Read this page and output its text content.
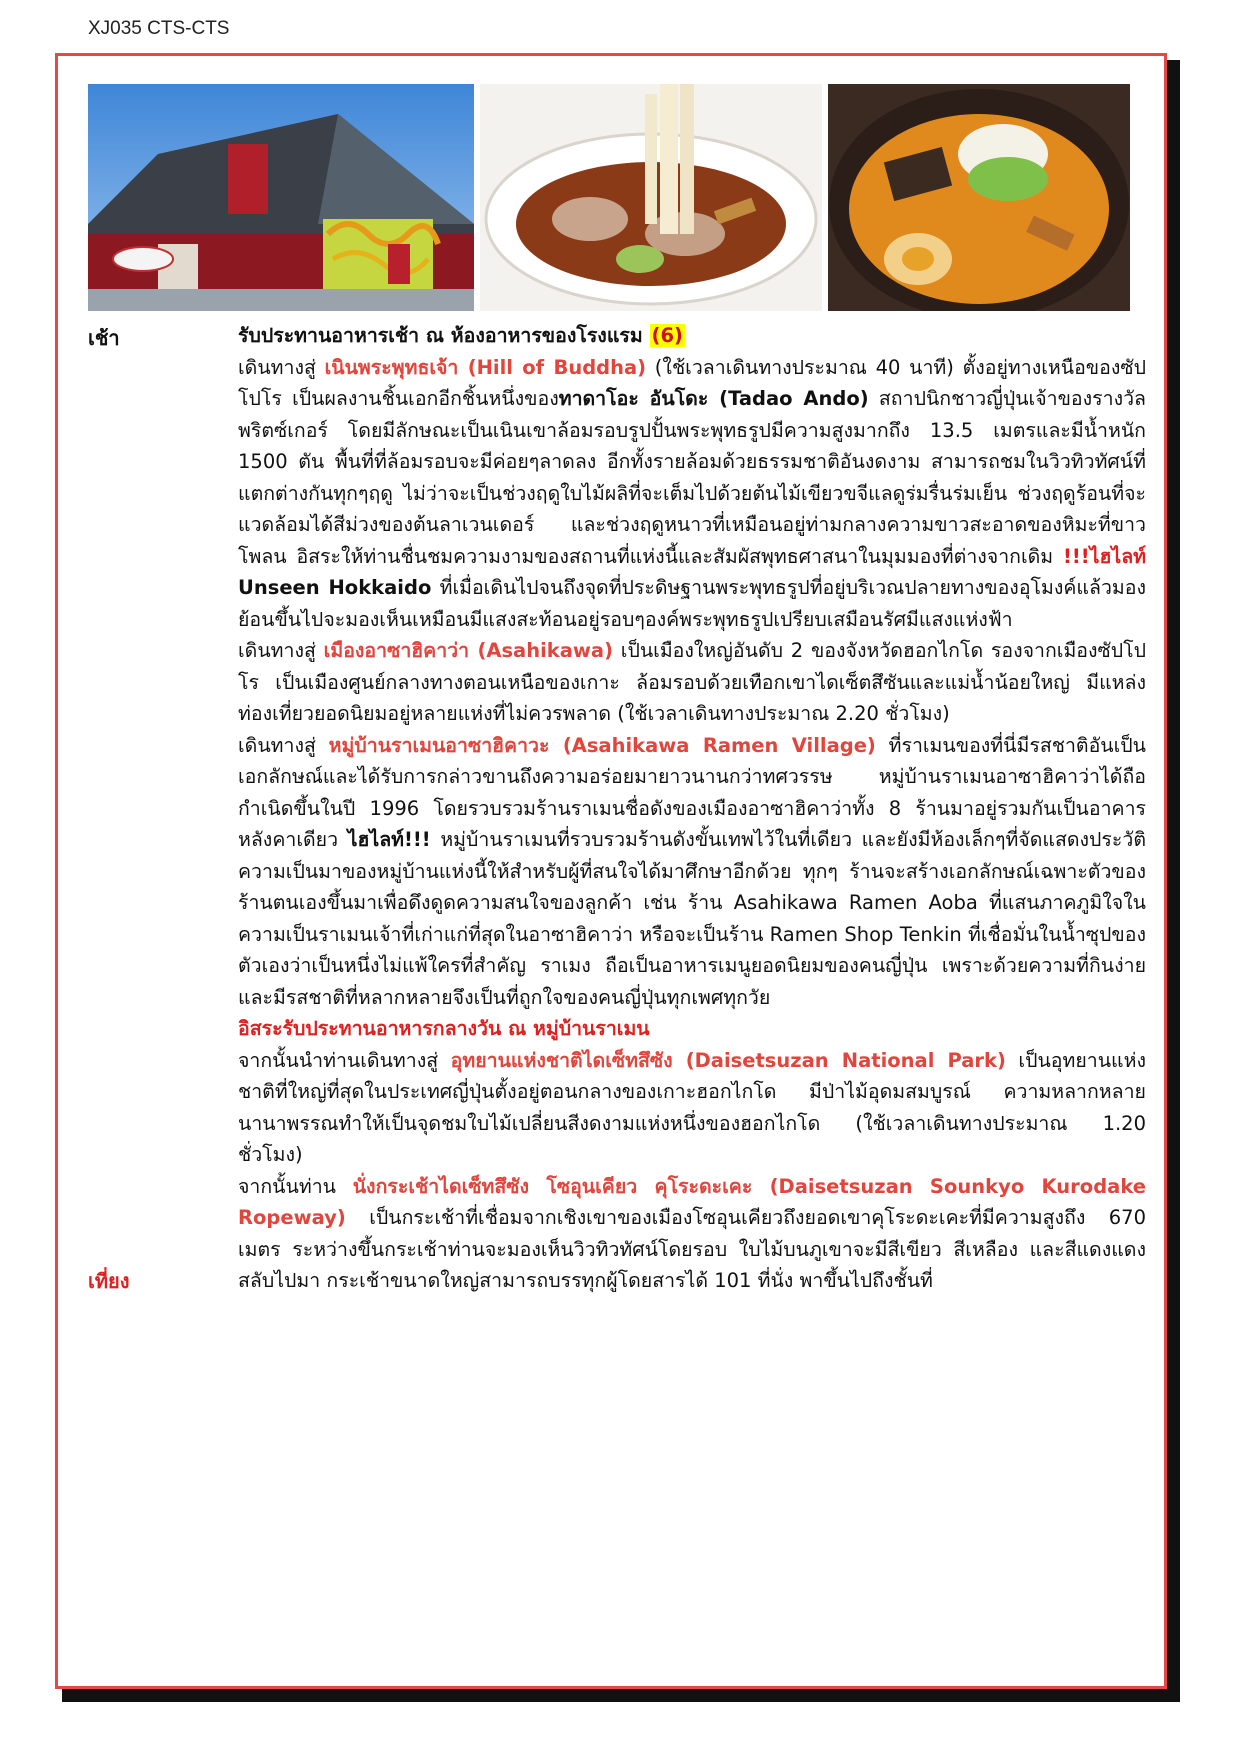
XJ035 CTS-CTS
เช้า	รับประทานอาหารเช้า ณ ห้องอาหารของโรงแรม (6)

เดินทางสู่ เนินพระพุทธเจ้า (Hill of Buddha) (ใช้เวลาเดินทางประมาณ 40 นาที) ตั้งอยู่ทางเหนือของซัปโปโร เป็นผลงานชิ้นเอกอีกชิ้นหนึ่งของทาดาโอะ อันโดะ (Tadao Ando) สถาปนิกชาวญี่ปุ่นเจ้าของรางวัลพริตซ์เกอร์ โดยมีลักษณะเป็นเนินเขาล้อมรอบรูปปั้นพระพุทธรูปมีความสูงมากถึง 13.5 เมตรและมีน้ำหนัก 1500 ตัน พื้นที่ที่ล้อมรอบจะมีค่อยๆลาดลง อีกทั้งรายล้อมด้วยธรรมชาติอันงดงาม สามารถชมในวิวทิวทัศน์ที่แตกต่างกันทุกๆฤดู ไม่ว่าจะเป็นช่วงฤดูใบไม้ผลิที่จะเต็มไปด้วยต้นไม้เขียวขจีแลดูร่มรื่นร่มเย็น ช่วงฤดูร้อนที่จะแวดล้อมได้สีม่วงของต้นลาเวนเดอร์ และช่วงฤดูหนาวที่เหมือนอยู่ท่ามกลางความขาวสะอาดของหิมะที่ขาวโพลน อิสระให้ท่านชื่นชมความงามของสถานที่แห่งนี้และสัมผัสพุทธศาสนาในมุมมองที่ต่างจากเดิม !!!ไฮไลท์ Unseen Hokkaido ที่เมื่อเดินไปจนถึงจุดที่ประดิษฐานพระพุทธรูปที่อยู่บริเวณปลายทางของอุโมงค์แล้วมองย้อนขึ้นไปจะมองเห็นเหมือนมีแสงสะท้อนอยู่รอบๆองค์พระพุทธรูปเปรียบเสมือนรัศมีแสงแห่งฟ้า

เดินทางสู่ เมืองอาซาฮิคาว่า (Asahikawa) เป็นเมืองใหญ่อันดับ 2 ของจังหวัดฮอกไกโด รองจากเมืองซัปโปโร เป็นเมืองศูนย์กลางทางตอนเหนือของเกาะ ล้อมรอบด้วยเทือกเขาไดเซ็ตสึซันและแม่น้ำน้อยใหญ่ มีแหล่งท่องเที่ยวยอดนิยมอยู่หลายแห่งที่ไม่ควรพลาด (ใช้เวลาเดินทางประมาณ 2.20 ชั่วโมง)

เดินทางสู่ หมู่บ้านราเมนอาซาฮิคาวะ (Asahikawa Ramen Village) ที่ราเมนของที่นี่มีรสชาติอันเป็นเอกลักษณ์และได้รับการกล่าวขานถึงความอร่อยมายาวนานกว่าทศวรรษ หมู่บ้านราเมนอาซาฮิคาว่าได้ถือกำเนิดขึ้นในปี 1996 โดยรวบรวมร้านราเมนชื่อดังของเมืองอาซาฮิคาว่าทั้ง 8 ร้านมาอยู่รวมกันเป็นอาคารหลังคาเดียว ไฮไลท์!!! หมู่บ้านราเมนที่รวบรวมร้านดังขั้นเทพไว้ในที่เดียว และยังมีห้องเล็กๆที่จัดแสดงประวัติความเป็นมาของหมู่บ้านแห่งนี้ให้สำหรับผู้ที่สนใจได้มาศึกษาอีกด้วย ทุกๆ ร้านจะสร้างเอกลักษณ์เฉพาะตัวของร้านตนเองขึ้นมาเพื่อดึงดูดความสนใจของลูกค้า เช่น ร้าน Asahikawa Ramen Aoba ที่แสนภาคภูมิใจในความเป็นราเมนเจ้าที่เก่าแก่ที่สุดในอาซาฮิคาว่า หรือจะเป็นร้าน Ramen Shop Tenkin ที่เชื่อมั่นในน้ำซุปของตัวเองว่าเป็นหนึ่งไม่แพ้ใครที่สำคัญ ราเมง ถือเป็นอาหารเมนูยอดนิยมของคนญี่ปุ่น เพราะด้วยความที่กินง่ายและมีรสชาติที่หลากหลายจึงเป็นที่ถูกใจของคนญี่ปุ่นทุกเพศทุกวัย

อิสระรับประทานอาหารกลางวัน ณ หมู่บ้านราเมน

จากนั้นนำท่านเดินทางสู่ อุทยานแห่งชาติไดเซ็ทสึซัง (Daisetsuzan National Park) เป็นอุทยานแห่งชาติที่ใหญ่ที่สุดในประเทศญี่ปุ่นตั้งอยู่ตอนกลางของเกาะฮอกไกโด มีป่าไม้อุดมสมบูรณ์ ความหลากหลายนานาพรรณทำให้เป็นจุดชมใบไม้เปลี่ยนสีงดงามแห่งหนึ่งของฮอกไกโด (ใช้เวลาเดินทางประมาณ 1.20 ชั่วโมง)

จากนั้นท่าน นั่งกระเช้าไดเซ็ทสึซัง โซอุนเคียว คุโระดะเคะ (Daisetsuzan Sounkyo Kurodake Ropeway) เป็นกระเช้าที่เชื่อมจากเชิงเขาของเมืองโซอุนเคียวถึงยอดเขาคุโระดะเคะที่มีความสูงถึง 670 เมตร ระหว่างขึ้นกระเช้าท่านจะมองเห็นวิวทิวทัศน์โดยรอบ ใบไม้บนภูเขาจะมีสีเขียว สีเหลือง และสีแดงแดงสลับไปมา กระเช้าขนาดใหญ่สามารถบรรทุกผู้โดยสารได้ 101 ที่นั่ง พาขึ้นไปถึงชั้นที่

เที่ยง
